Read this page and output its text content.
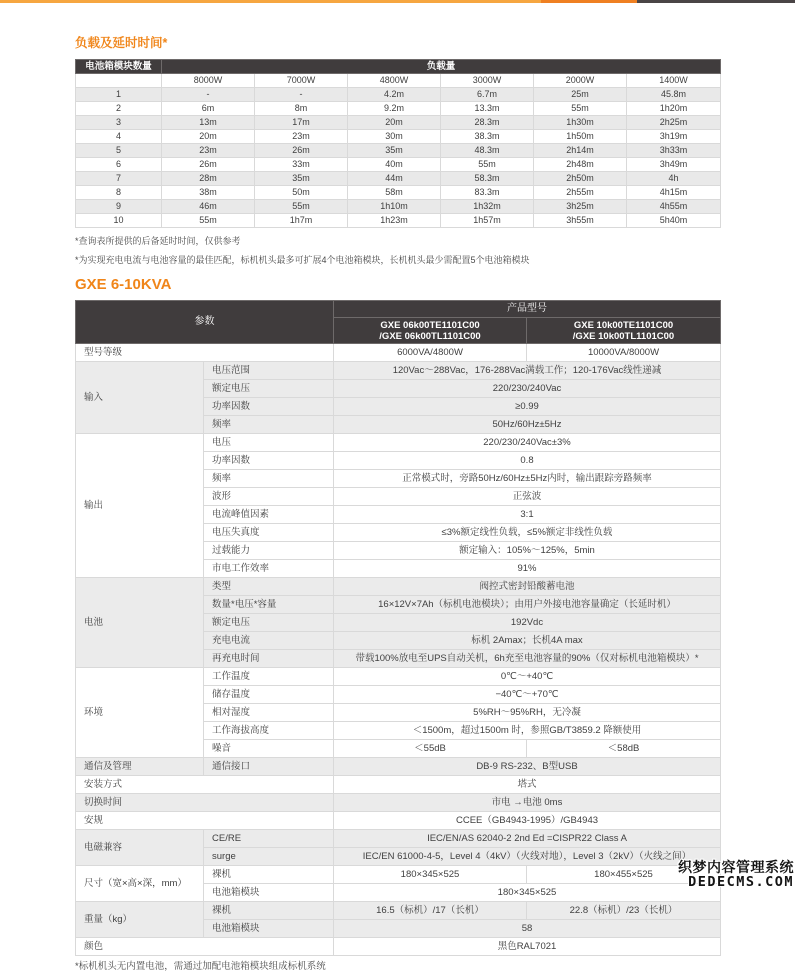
负载及延时时间*
电池箱模块数量	负载量					
	8000W	7000W	4800W	3000W	2000W	1400W
1	-	-	4.2m	6.7m	25m	45.8m
2	6m	8m	9.2m	13.3m	55m	1h20m
3	13m	17m	20m	28.3m	1h30m	2h25m
4	20m	23m	30m	38.3m	1h50m	3h19m
5	23m	26m	35m	48.3m	2h14m	3h33m
6	26m	33m	40m	55m	2h48m	3h49m
7	28m	35m	44m	58.3m	2h50m	4h
8	38m	50m	58m	83.3m	2h55m	4h15m
9	46m	55m	1h10m	1h32m	3h25m	4h55m
10	55m	1h7m	1h23m	1h57m	3h55m	5h40m
*查询表所提供的后备延时时间，仅供参考
*为实现充电电流与电池容量的最佳匹配，标机机头最多可扩展4个电池箱模块，长机机头最少需配置5个电池箱模块
GXE 6-10KVA
参数		产品型号	

GXE 06k00TE1101C00
/GXE 06k00TL1101C00

GXE 10k00TE1101C00
/GXE 10k00TL1101C00

型号等级		6000VA/4800W	10000VA/8000W
输入	电压范围	120Vac～288Vac，176-288Vac满载工作；120-176Vac线性递减	
	额定电压	220/230/240Vac	
	功率因数	≥0.99	
	频率	50Hz/60Hz±5Hz	
输出	电压	220/230/240Vac±3%	
	功率因数	0.8	
	频率	正常模式时，旁路50Hz/60Hz±5Hz内时，输出跟踪旁路频率	
	波形	正弦波	
	电流峰值因素	3:1	
	电压失真度	≤3%额定线性负载，≤5%额定非线性负载	
	过载能力	额定输入：105%～125%，5min	
	市电工作效率	91%	
电池	类型	阀控式密封铅酸蓄电池	
	数量*电压*容量	16×12V×7Ah（标机电池模块）；由用户外接电池容量确定（长延时机）	
	额定电压	192Vdc	
	充电电流	标机 2Amax；长机4A max	
	再充电时间	带载100%放电至UPS自动关机，6h充至电池容量的90%（仅对标机电池箱模块）*	
环境	工作温度	0℃～+40℃	
	储存温度	−40℃～+70℃	
	相对湿度	5%RH～95%RH，无冷凝	
	工作海拔高度	＜1500m，超过1500m 时，参照GB/T3859.2 降额使用	
	噪音	＜55dB	＜58dB
通信及管理	通信接口	DB-9 RS-232、B型USB	
安装方式		塔式	
切换时间		市电 →电池 0ms	
安规		CCEE（GB4943-1995）/GB4943	
电磁兼容	CE/RE	IEC/EN/AS 62040-2 2nd Ed =CISPR22 Class A	
	surge	IEC/EN 61000-4-5，Level 4（4kV）（火线对地），Level 3（2kV）（火线之间）	
尺寸（宽×高×深，mm）	裸机	180×345×525	180×455×525
	电池箱模块	180×345×525	
重量（kg）	裸机	16.5（标机）/17（长机）	22.8（标机）/23（长机）
	电池箱模块	58	
颜色		黑色RAL7021	
*标机机头无内置电池，需通过加配电池箱模块组成标机系统
织梦内容管理系统
DEDECMS.COM
